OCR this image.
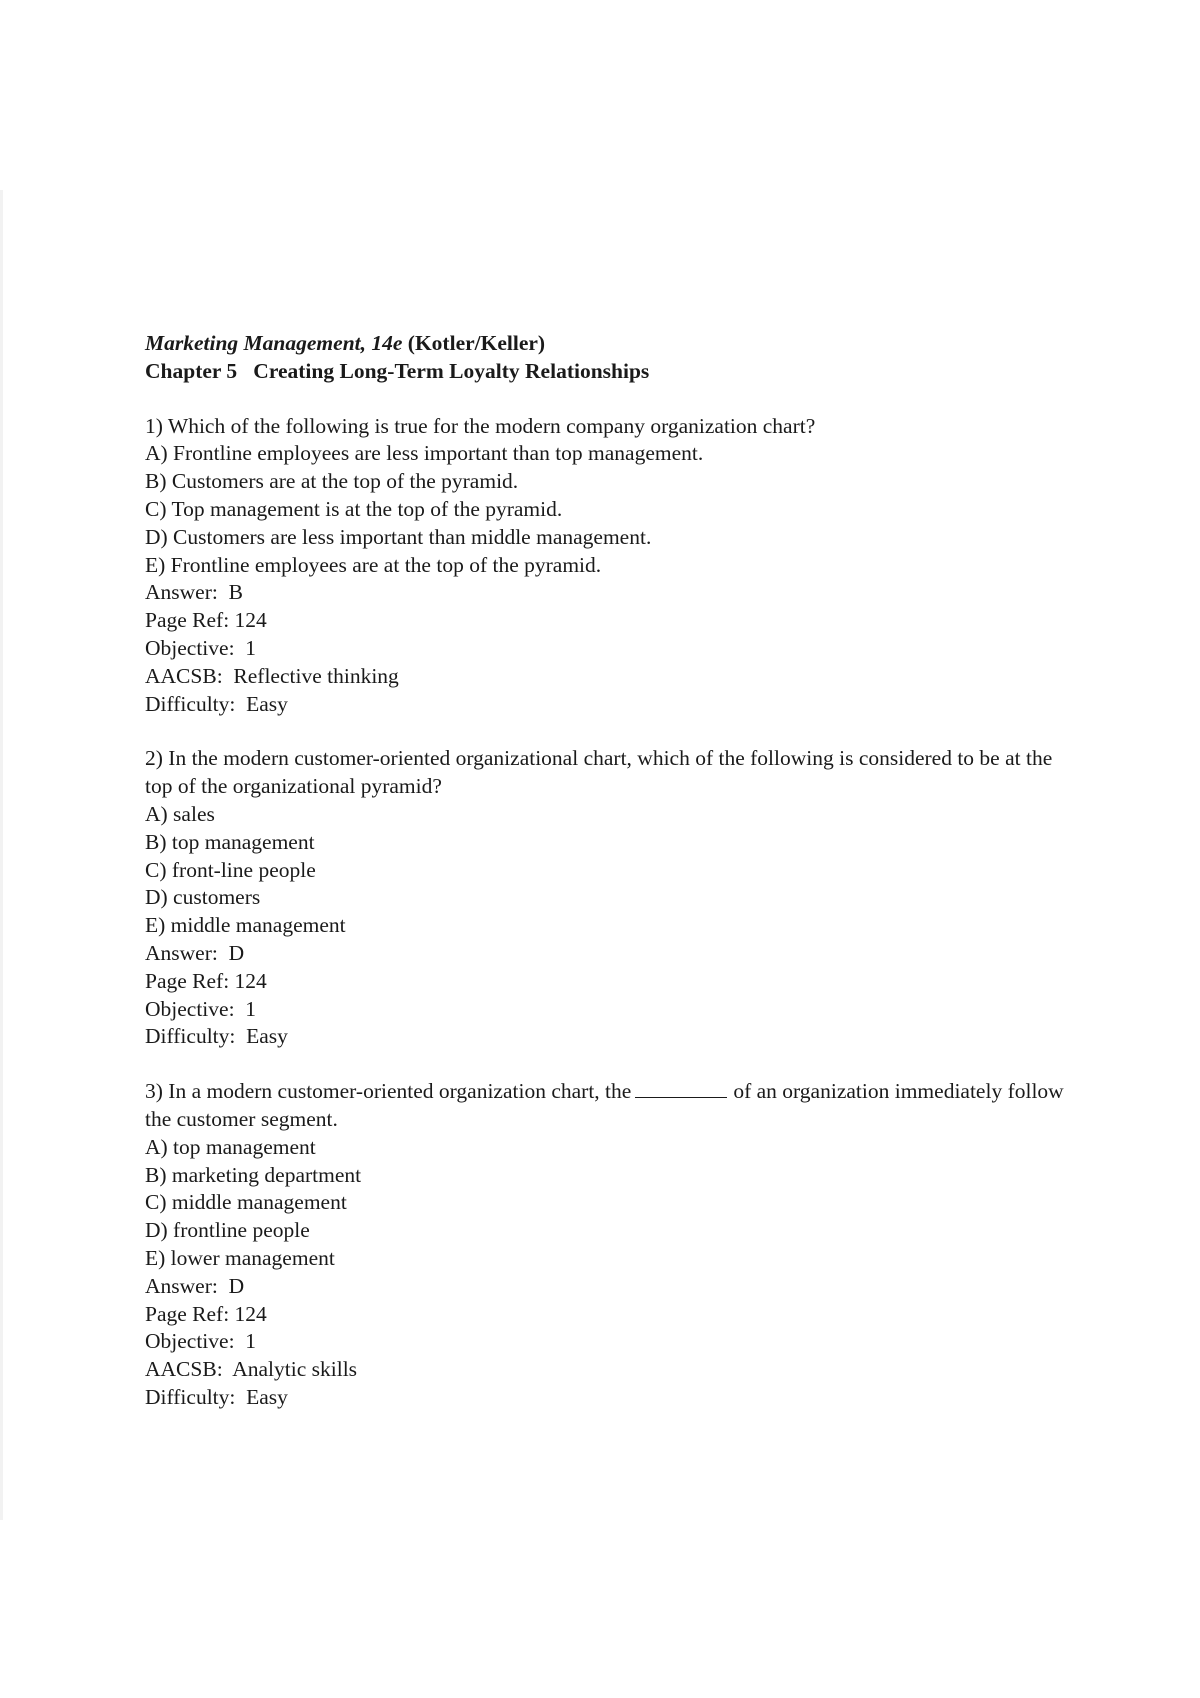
Marketing Management, 14e (Kotler/Keller)
Chapter 5   Creating Long-Term Loyalty Relationships
1) Which of the following is true for the modern company organization chart?
A) Frontline employees are less important than top management.
B) Customers are at the top of the pyramid.
C) Top management is at the top of the pyramid.
D) Customers are less important than middle management.
E) Frontline employees are at the top of the pyramid.
Answer:  B
Page Ref: 124
Objective:  1
AACSB:  Reflective thinking
Difficulty:  Easy
2) In the modern customer-oriented organizational chart, which of the following is considered to be at the top of the organizational pyramid?
A) sales
B) top management
C) front-line people
D) customers
E) middle management
Answer:  D
Page Ref: 124
Objective:  1
Difficulty:  Easy
3) In a modern customer-oriented organization chart, the	of an organization immediately follow the customer segment.
A) top management
B) marketing department
C) middle management
D) frontline people
E) lower management
Answer:  D
Page Ref: 124
Objective:  1
AACSB:  Analytic skills
Difficulty:  Easy
